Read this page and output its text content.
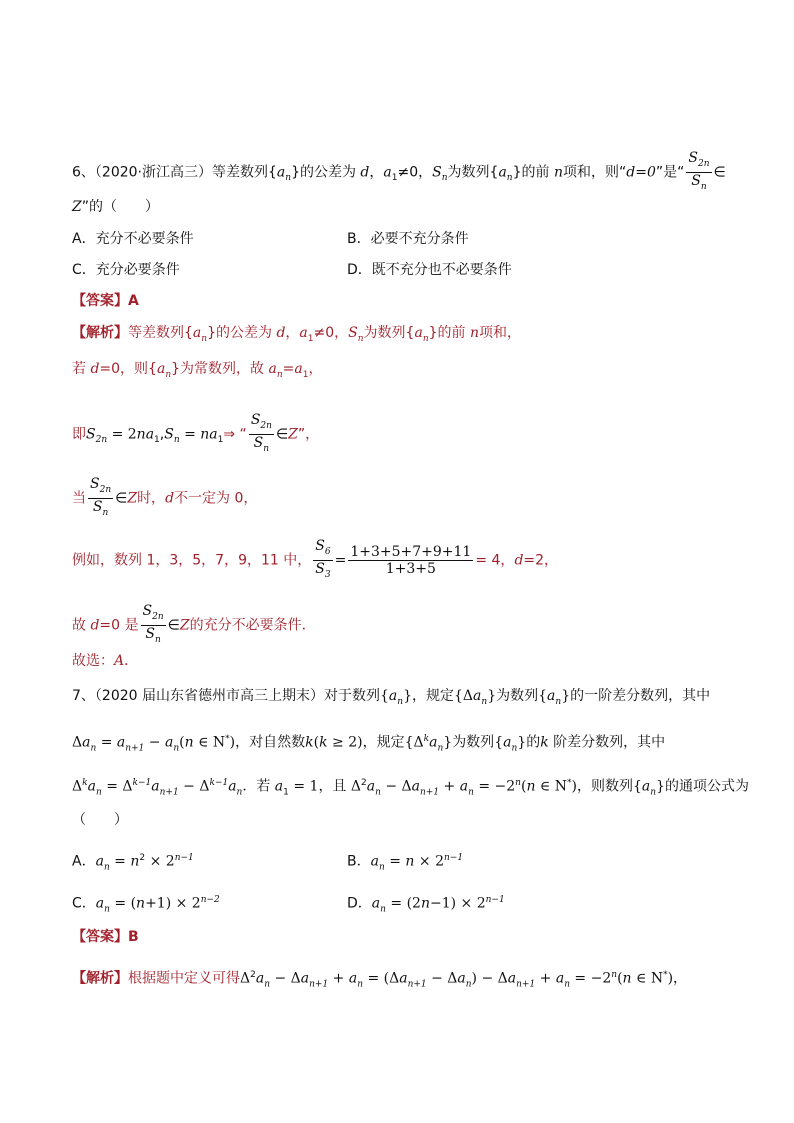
6、（2020·浙江高三）等差数列$\{a_n\}$的公差为 d，$a_1\ne 0$，$S_n$为数列$\{a_n\}$的前 n项和，则“d=0”是“ $\frac{S_{2n}}{S_n}$ ∈
Z”的（　　）
A．充分不必要条件	B．必要不充分条件
C．充分必要条件	D．既不充分也不必要条件
【答案】A
【解析】等差数列$\{a_n\}$的公差为 d，$a_1\ne 0$，$S_n$为数列$\{a_n\}$的前 n项和，
若 d=0，则$\{a_n\}$为常数列，故 $a_n=a_1$，
即$S_{2n} = 2na_1,S_n$ = $na_1\Rightarrow$ “ $\frac{S_{2n}}{S_n}$ ∈Z”，
当 $\frac{S_{2n}}{S_n}$ ∈Z时，d不一定为 0，
例如，数列 1，3，5，7，9，11 中， $\frac{S_6}{S_3} = \frac{1+3+5+7+9+11}{1+3+5} = 4$，d=2，
故 d=0 是 $\frac{S_{2n}}{S_n}$ ∈Z的充分不必要条件．
故选：A．
7、（2020 届山东省德州市高三上期末）对于数列$\{a_n\}$，规定$\{\Delta a_n\}$为数列$\{a_n\}$的一阶差分数列，其中
$\Delta a_n = a_{n+1} - a_n(n$ ∈ N*)，对自然数k(k ≥ 2)，规定$\{\Delta^ka_n\}$为数列$\{a_n\}$的k 阶差分数列，其中
$\Delta^ka_n = \Delta^{k-1}a_{n+1} - \Delta^{k-1}a_n$．若 $a_1 = 1$，且 $\Delta^2a_n - \Delta a_{n+1} + a_n = -2^n(n$ ∈ N*)，则数列$\{a_n\}$的通项公式为
（　　）
A．$a_n = n^2 \times 2^{n-1}$	B．$a_n = n \times 2^{n-1}$
C．$a_n = (n+1) \times 2^{n-2}$	D．$a_n = (2n-1) \times 2^{n-1}$
【答案】B
【解析】根据题中定义可得$\Delta^2a_n - \Delta a_{n+1} + a_n = (\Delta a_{n+1} - \Delta a_n) - \Delta a_{n+1} + a_n = -2^n(n$ ∈ N*)，
